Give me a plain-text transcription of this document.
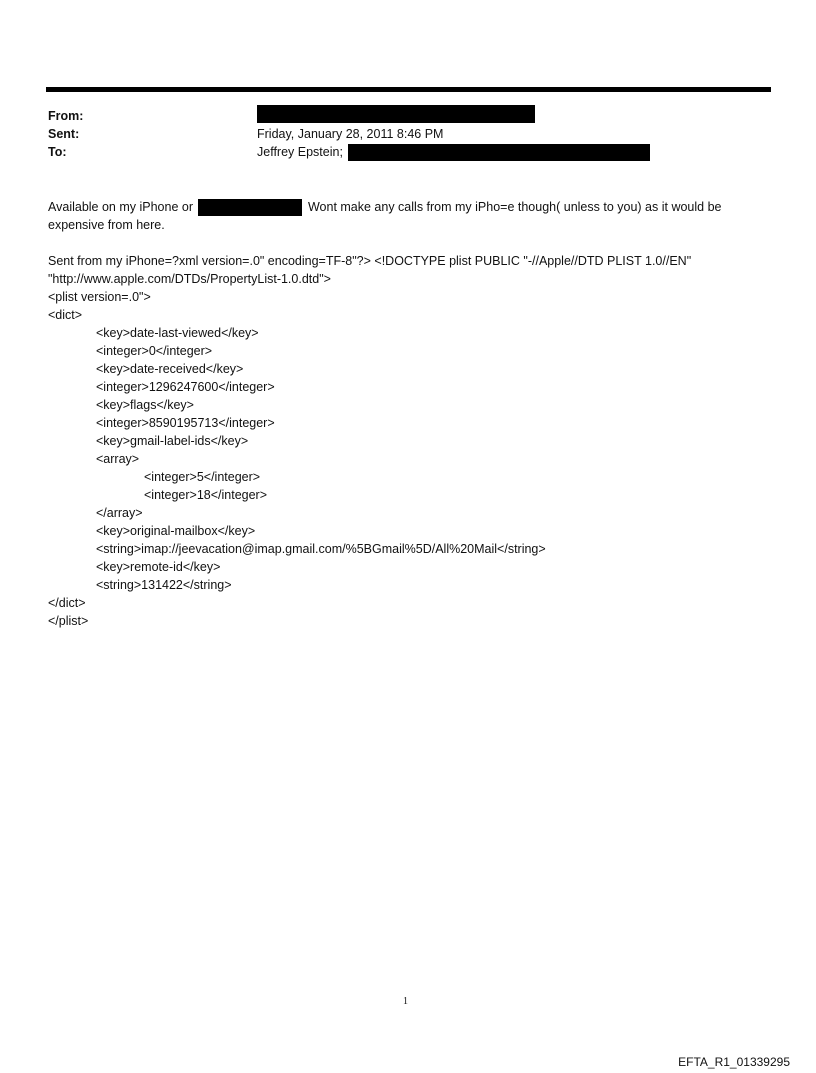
From:
Sent:
To:
Friday, January 28, 2011 8:46 PM
Jeffrey Epstein;
Available on my iPhone or	Wont make any calls from my iPho=e though( unless to you) as it would be
expensive from here.
Sent from my iPhone=?xml version=.0" encoding=TF-8"?> <!DOCTYPE plist PUBLIC "-//Apple//DTD PLIST 1.0//EN"
"http://www.apple.com/DTDs/PropertyList-1.0.dtd">
<plist version=.0">
<dict>
<key>date-last-viewed</key>
<integer>0</integer>
<key>date-received</key>
<integer>1296247600</integer>
<key>flags</key>
<integer>8590195713</integer>
<key>gmail-label-ids</key>
<array>
<integer>5</integer>
<integer>18</integer>
</array>
<key>original-mailbox</key>
<string>imap://jeevacation@imap.gmail.com/%5BGmail%5D/All%20Mail</string>
<key>remote-id</key>
<string>131422</string>
</dict>
</plist>
1
EFTA_R1_01339295
